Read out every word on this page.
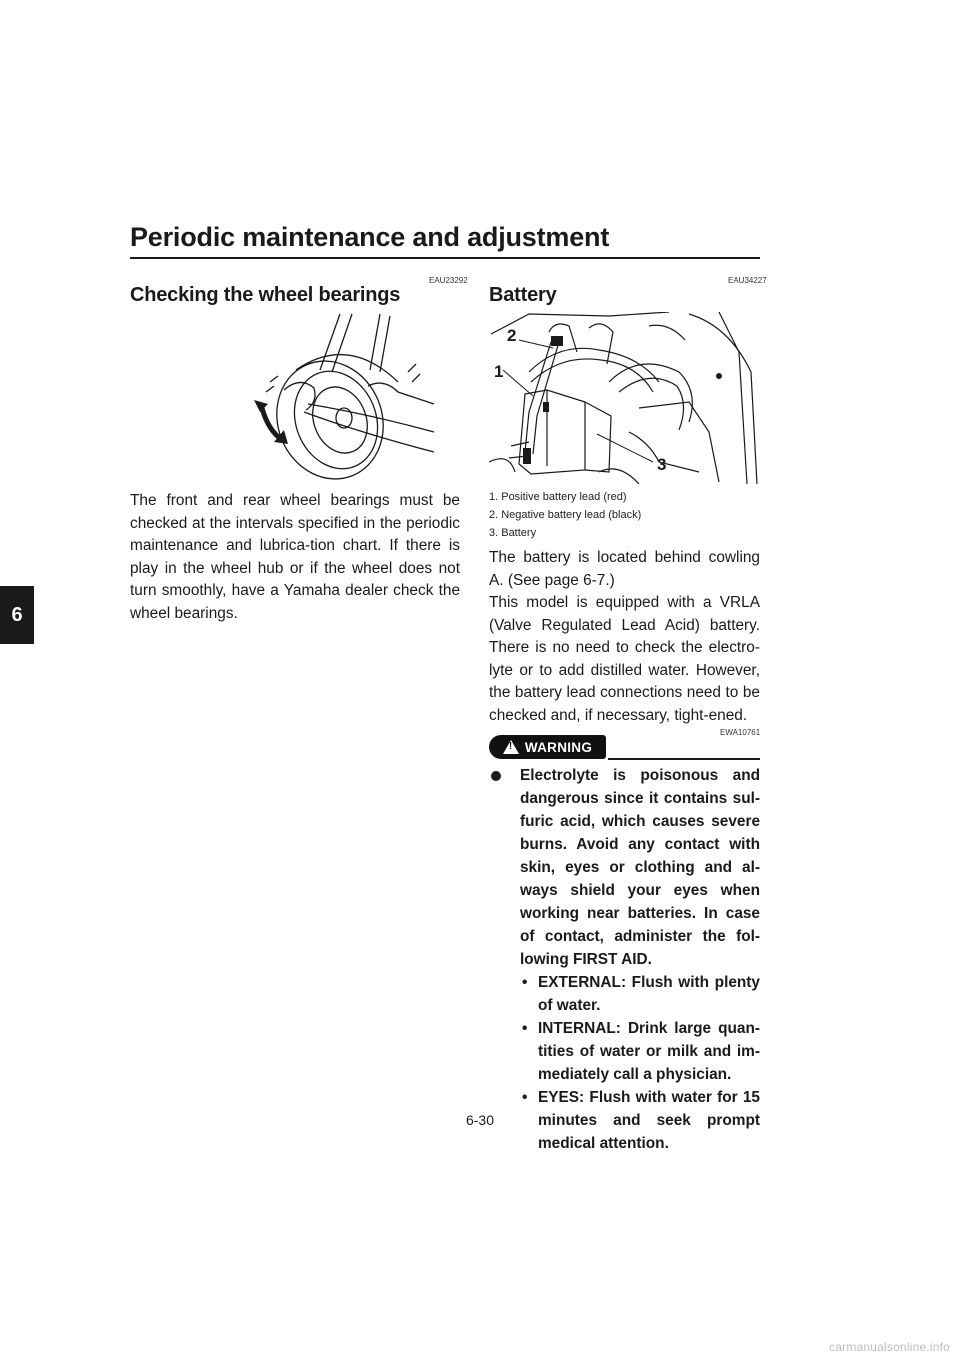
Periodic maintenance and adjustment
6
EAU23292
Checking the wheel bearings

The front and rear wheel bearings must be checked at the intervals specified in the periodic maintenance and lubrica-tion chart. If there is play in the wheel hub or if the wheel does not turn smoothly, have a Yamaha dealer check the wheel bearings.

EAU34227
Battery
2
1
3
1. Positive battery lead (red)
2. Negative battery lead (black)
3. Battery

The battery is located behind cowling A. (See page 6-7.)

This model is equipped with a VRLA (Valve Regulated Lead Acid) battery. There is no need to check the electro-lyte or to add distilled water. However, the battery lead connections need to be checked and, if necessary, tight-ened.

!
WARNING
EWA10761
Electrolyte is poisonous and dangerous since it contains sul-furic acid, which causes severe burns. Avoid any contact with skin, eyes or clothing and al-ways shield your eyes when working near batteries. In case of contact, administer the fol-lowing FIRST AID.
• EXTERNAL: Flush with plenty of water.
• INTERNAL: Drink large quan-tities of water or milk and im-mediately call a physician.
• EYES: Flush with water for 15 minutes and seek prompt medical attention.
6-30
carmanualsonline.info
